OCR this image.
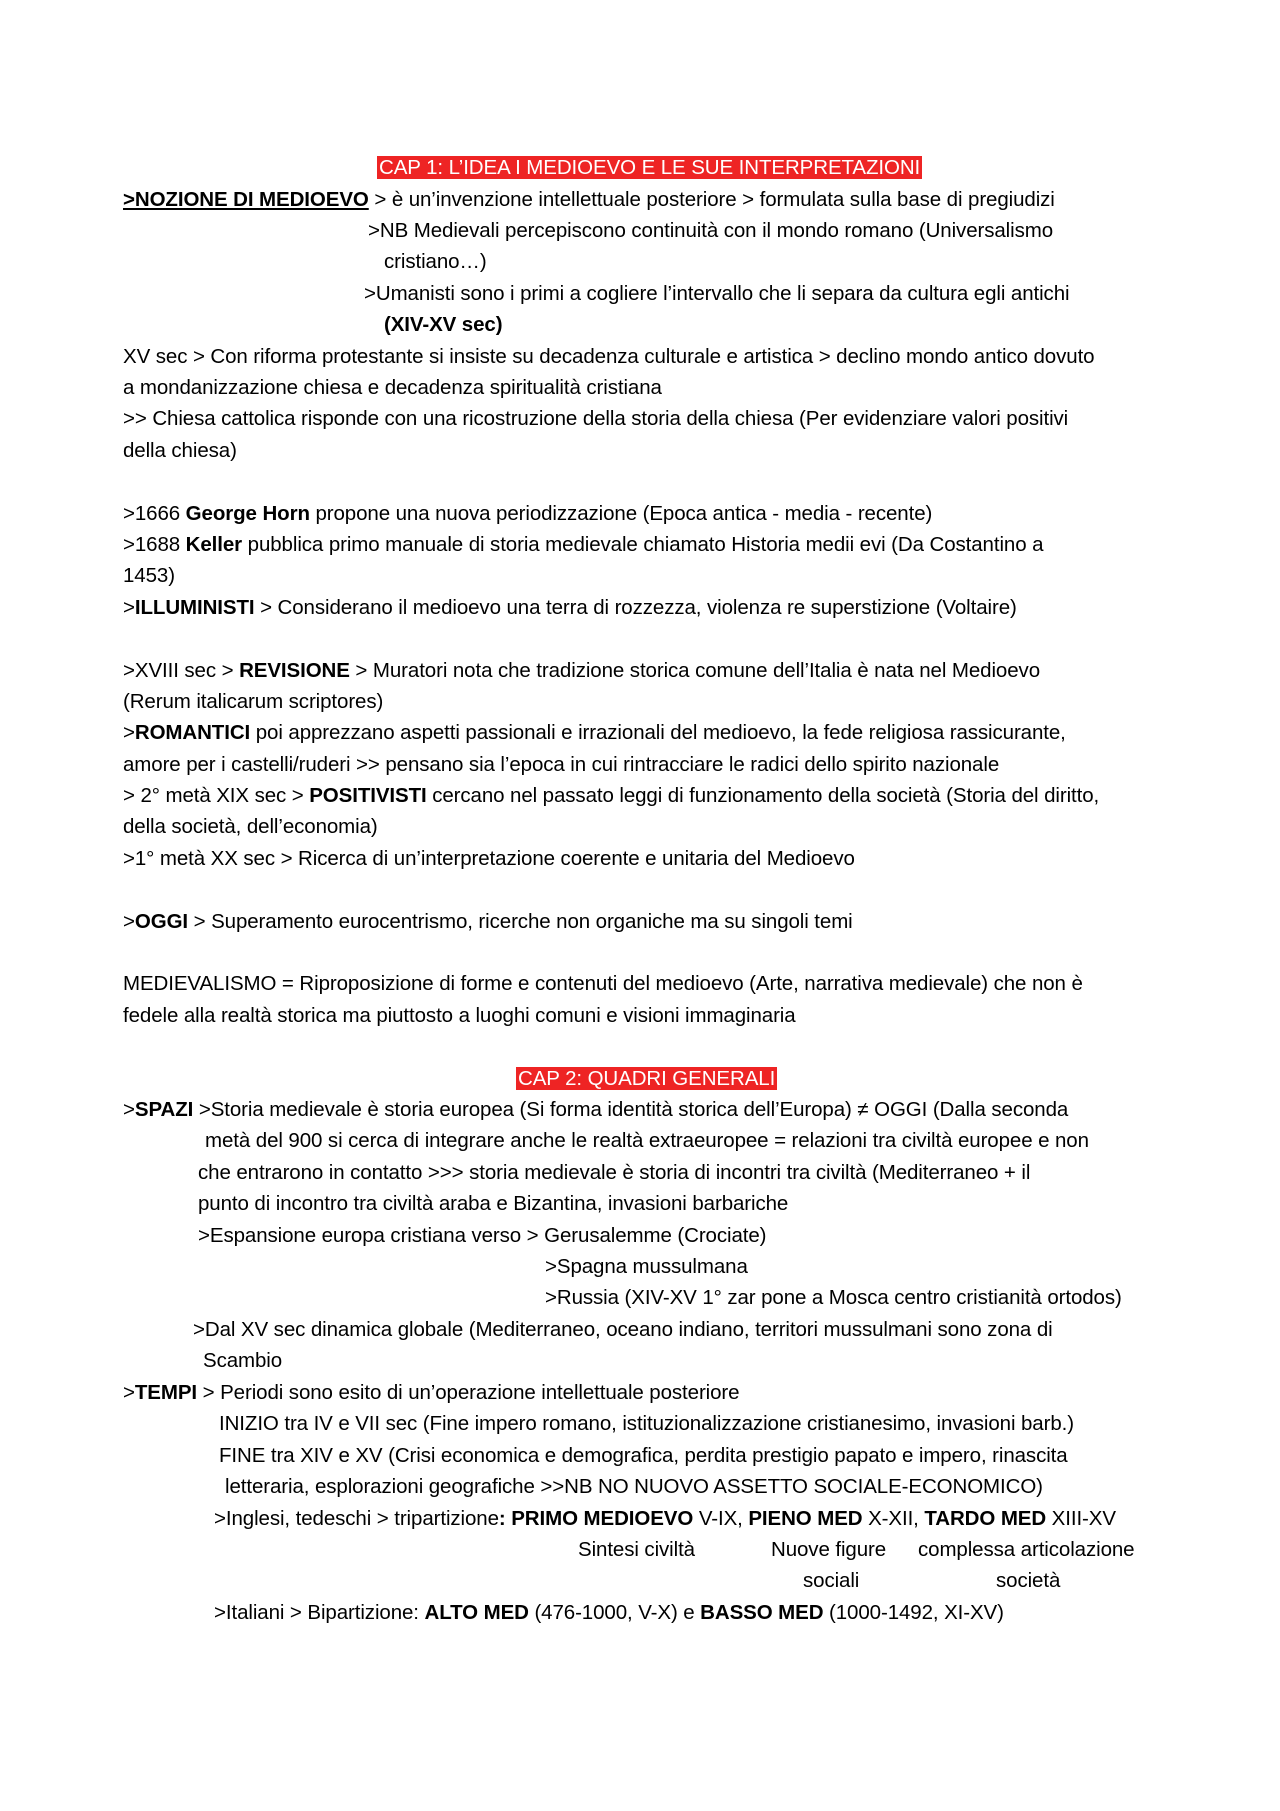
CAP 1: L’IDEA I MEDIOEVO E LE SUE INTERPRETAZIONI
>NOZIONE DI MEDIOEVO > è un’invenzione intellettuale posteriore > formulata sulla base di pregiudizi
>NB Medievali percepiscono continuità con il mondo romano (Universalismo
cristiano…)
>Umanisti sono i primi a cogliere l’intervallo che li separa da cultura egli antichi
(XIV-XV sec)
XV sec > Con riforma protestante si insiste su decadenza culturale e artistica > declino mondo antico dovuto
a mondanizzazione chiesa e decadenza spiritualità cristiana
>> Chiesa cattolica risponde con una ricostruzione della storia della chiesa (Per evidenziare valori positivi
della chiesa)
>1666 George Horn propone una nuova periodizzazione (Epoca antica - media - recente)
>1688 Keller pubblica primo manuale di storia medievale chiamato Historia medii evi (Da Costantino a
1453)
>ILLUMINISTI > Considerano il medioevo una terra di rozzezza, violenza re superstizione (Voltaire)
>XVIII sec > REVISIONE > Muratori nota che tradizione storica comune dell’Italia è nata nel Medioevo
(Rerum italicarum scriptores)
>ROMANTICI poi apprezzano aspetti passionali e irrazionali del medioevo, la fede religiosa rassicurante,
amore per i castelli/ruderi >> pensano sia l’epoca in cui rintracciare le radici dello spirito nazionale
> 2° metà XIX sec > POSITIVISTI cercano nel passato leggi di funzionamento della società (Storia del diritto,
della società, dell’economia)
>1° metà XX sec > Ricerca di un’interpretazione coerente e unitaria del Medioevo
>OGGI > Superamento eurocentrismo, ricerche non organiche ma su singoli temi
MEDIEVALISMO = Riproposizione di forme e contenuti del medioevo (Arte, narrativa medievale) che non è
fedele alla realtà storica ma piuttosto a luoghi comuni e visioni immaginaria
CAP 2: QUADRI GENERALI
>SPAZI >Storia medievale è storia europea (Si forma identità storica dell’Europa) ≠ OGGI (Dalla seconda
metà del 900 si cerca di integrare anche le realtà extraeuropee = relazioni tra civiltà europee e non
che entrarono in contatto >>> storia medievale è storia di incontri tra civiltà (Mediterraneo + il
punto di incontro tra civiltà araba e Bizantina, invasioni barbariche
>Espansione europa cristiana verso > Gerusalemme (Crociate)
>Spagna mussulmana
>Russia (XIV-XV 1° zar pone a Mosca centro cristianità ortodos)
>Dal XV sec dinamica globale (Mediterraneo, oceano indiano, territori mussulmani sono zona di
Scambio
>TEMPI > Periodi sono esito di un’operazione intellettuale posteriore
INIZIO tra IV e VII sec (Fine impero romano, istituzionalizzazione cristianesimo, invasioni barb.)
FINE tra XIV e XV (Crisi economica e demografica, perdita prestigio papato e impero, rinascita
letteraria, esplorazioni geografiche >>NB NO NUOVO ASSETTO SOCIALE-ECONOMICO)
>Inglesi, tedeschi > tripartizione: PRIMO MEDIOEVO V-IX, PIENO MED X-XII, TARDO MED XIII-XV
Sintesi civiltà	Nuove figure
sociali
complessa articolazione
società
>Italiani > Bipartizione: ALTO MED (476-1000, V-X) e BASSO MED (1000-1492, XI-XV)
